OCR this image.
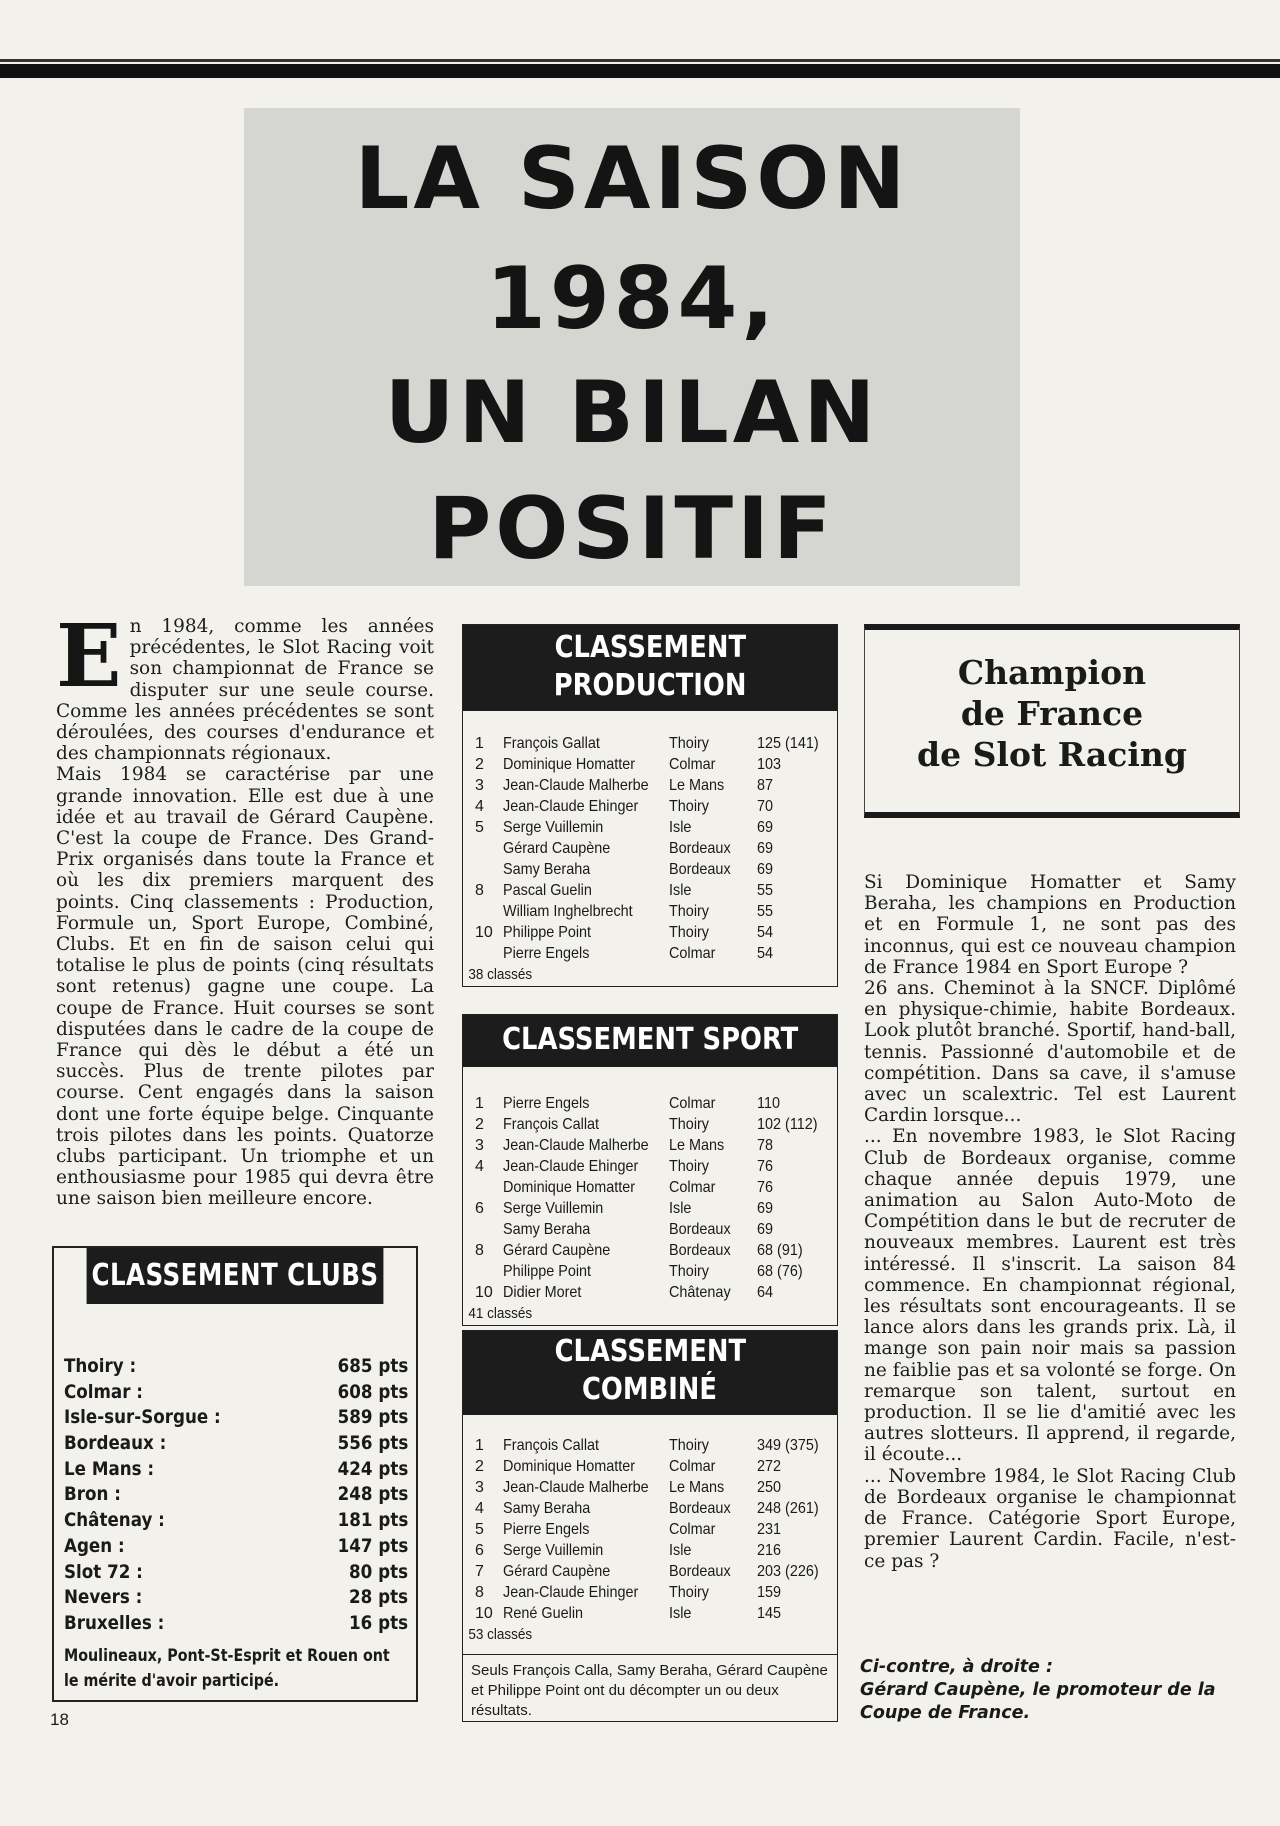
LA SAISON
1984,
UN BILAN
POSITIF
E n 1984, comme les années précédentes, le Slot Racing voit son championnat de France se disputer sur une seule course. Comme les années précédentes se sont déroulées, des courses d'endurance et des championnats régionaux.

Mais 1984 se caractérise par une grande innovation. Elle est due à une idée et au travail de Gérard Caupène. C'est la coupe de France. Des Grand-Prix organisés dans toute la France et où les dix premiers marquent des points. Cinq classements : Production, Formule un, Sport Europe, Combiné, Clubs. Et en fin de saison celui qui totalise le plus de points (cinq résultats sont retenus) gagne une coupe. La coupe de France. Huit courses se sont disputées dans le cadre de la coupe de France qui dès le début a été un succès. Plus de trente pilotes par course. Cent engagés dans la saison dont une forte équipe belge. Cinquante trois pilotes dans les points. Quatorze clubs participant. Un triomphe et un enthousiasme pour 1985 qui devra être une saison bien meilleure encore.

CLASSEMENT CLUBS
Thoiry :	685 pts
Colmar :	608 pts
Isle-sur-Sorgue :	589 pts
Bordeaux :	556 pts
Le Mans :	424 pts
Bron :	248 pts
Châtenay :	181 pts
Agen :	147 pts
Slot 72 :	80 pts
Nevers :	28 pts
Bruxelles :	16 pts
Moulineaux, Pont-St-Esprit et Rouen ont le mérite d'avoir participé.
CLASSEMENT
PRODUCTION
1	François Gallat	Thoiry	125 (141)
2	Dominique Homatter	Colmar	103
3	Jean-Claude Malherbe	Le Mans	87
4	Jean-Claude Ehinger	Thoiry	70
5	Serge Vuillemin	Isle	69
Gérard Caupène	Bordeaux	69
Samy Beraha	Bordeaux	69
8	Pascal Guelin	Isle	55
William Inghelbrecht	Thoiry	55
10 Philippe Point	Thoiry	54
Pierre Engels	Colmar	54
38 classés
CLASSEMENT SPORT
1	Pierre Engels	Colmar	110
2	François Callat	Thoiry	102 (112)
3	Jean-Claude Malherbe	Le Mans	78
4	Jean-Claude Ehinger	Thoiry	76
Dominique Homatter	Colmar	76
6	Serge Vuillemin	Isle	69
Samy Beraha	Bordeaux	69
8	Gérard Caupène	Bordeaux	68 (91)
Philippe Point	Thoiry	68 (76)
10 Didier Moret	Châtenay	64
41 classés
CLASSEMENT
COMBINÉ
1	François Callat	Thoiry	349 (375)
2	Dominique Homatter	Colmar	272
3	Jean-Claude Malherbe	Le Mans	250
4	Samy Beraha	Bordeaux	248 (261)
5	Pierre Engels	Colmar	231
6	Serge Vuillemin	Isle	216
7	Gérard Caupène	Bordeaux	203 (226)
8	Jean-Claude Ehinger	Thoiry	159
10 René Guelin	Isle	145
53 classés
Seuls François Calla, Samy Beraha, Gérard Caupène et Philippe Point ont du décompter un ou deux résultats.
Champion
de France
de Slot Racing

Si Dominique Homatter et Samy Beraha, les champions en Production et en Formule 1, ne sont pas des inconnus, qui est ce nouveau champion de France 1984 en Sport Europe ?

26 ans. Cheminot à la SNCF. Diplômé en physique-chimie, habite Bordeaux. Look plutôt branché. Sportif, hand-ball, tennis. Passionné d'automobile et de compétition. Dans sa cave, il s'amuse avec un scalextric. Tel est Laurent Cardin lorsque...

... En novembre 1983, le Slot Racing Club de Bordeaux organise, comme chaque année depuis 1979, une animation au Salon Auto-Moto de Compétition dans le but de recruter de nouveaux membres. Laurent est très intéressé. Il s'inscrit. La saison 84 commence. En championnat régional, les résultats sont encourageants. Il se lance alors dans les grands prix. Là, il mange son pain noir mais sa passion ne faiblie pas et sa volonté se forge. On remarque son talent, surtout en production. Il se lie d'amitié avec les autres slotteurs. Il apprend, il regarde, il écoute...

... Novembre 1984, le Slot Racing Club de Bordeaux organise le championnat de France. Catégorie Sport Europe, premier Laurent Cardin. Facile, n'est-ce pas ?

Ci-contre, à droite :
Gérard Caupène, le promoteur de la Coupe de France.
18
